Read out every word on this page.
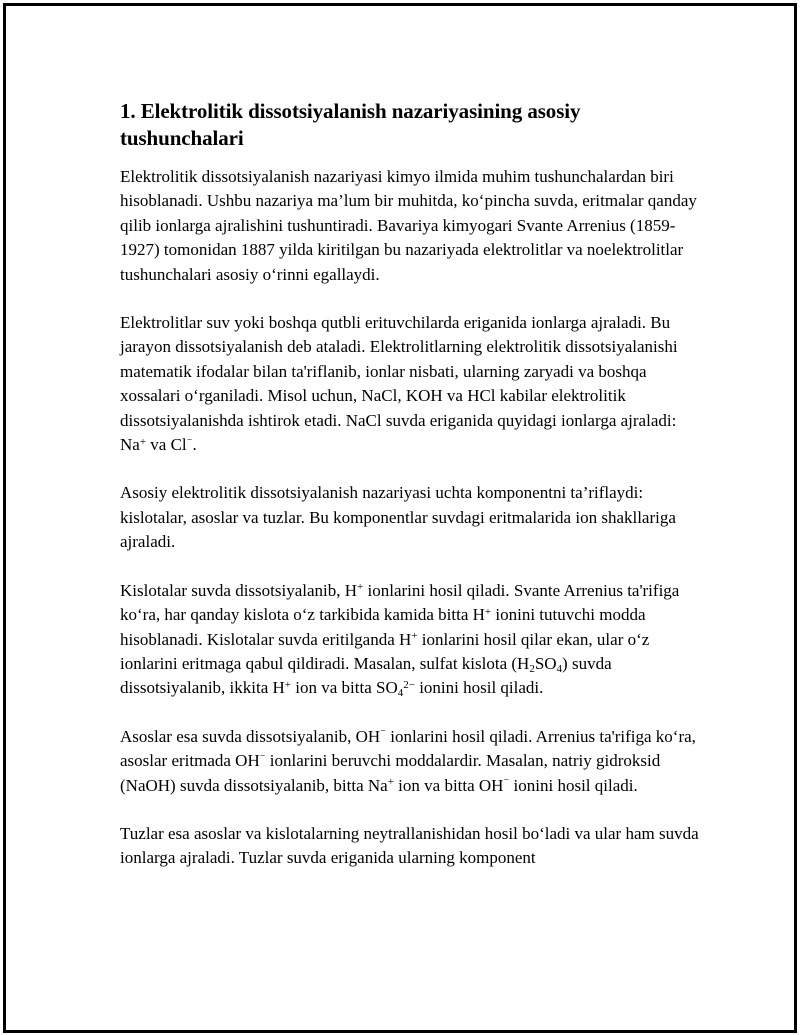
1. Elektrolitik dissotsiyalanish nazariyasining asosiy tushunchalari

Elektrolitik dissotsiyalanish nazariyasi kimyo ilmida muhim tushunchalardan biri hisoblanadi. Ushbu nazariya ma’lum bir muhitda, ko‘pincha suvda, eritmalar qanday qilib ionlarga ajralishini tushuntiradi. Bavariya kimyogari Svante Arrenius (1859-1927) tomonidan 1887 yilda kiritilgan bu nazariyada elektrolitlar va noelektrolitlar tushunchalari asosiy o‘rinni egallaydi.

Elektrolitlar suv yoki boshqa qutbli erituvchilarda eriganida ionlarga ajraladi. Bu jarayon dissotsiyalanish deb ataladi. Elektrolitlarning elektrolitik dissotsiyalanishi matematik ifodalar bilan ta'riflanib, ionlar nisbati, ularning zaryadi va boshqa xossalari o‘rganiladi. Misol uchun, NaCl, KOH va HCl kabilar elektrolitik dissotsiyalanishda ishtirok etadi. NaCl suvda eriganida quyidagi ionlarga ajraladi: Na+ va Cl⁻.

Asosiy elektrolitik dissotsiyalanish nazariyasi uchta komponentni ta’riflaydi: kislotalar, asoslar va tuzlar. Bu komponentlar suvdagi eritmalarida ion shakllariga ajraladi.

Kislotalar suvda dissotsiyalanib, H+ ionlarini hosil qiladi. Svante Arrenius ta'rifiga ko‘ra, har qanday kislota o‘z tarkibida kamida bitta H+ ionini tutuvchi modda hisoblanadi. Kislotalar suvda eritilganda H+ ionlarini hosil qilar ekan, ular o‘z ionlarini eritmaga qabul qildiradi. Masalan, sulfat kislota $(H_2SO_4)$ suvda dissotsiyalanib, ikkita H+ ion va bitta $SO_4^{2-}$ ionini hosil qiladi.

Asoslar esa suvda dissotsiyalanib, OH⁻ ionlarini hosil qiladi. Arrenius ta'rifiga ko‘ra, asoslar eritmada OH⁻ ionlarini beruvchi moddalardir. Masalan, natriy gidroksid (NaOH) suvda dissotsiyalanib, bitta Na+ ion va bitta OH⁻ ionini hosil qiladi.

Tuzlar esa asoslar va kislotalarning neytrallanishidan hosil bo‘ladi va ular ham suvda ionlarga ajraladi. Tuzlar suvda eriganida ularning komponent
